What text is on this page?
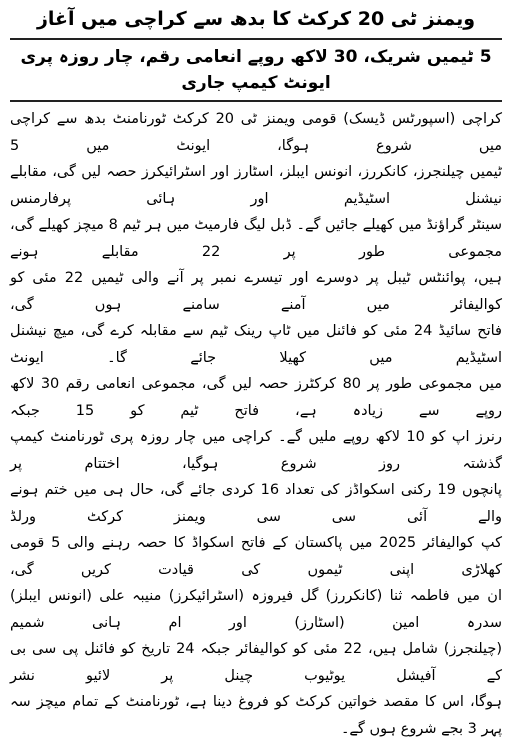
ویمنز ٹی 20 کرکٹ کا بدھ سے کراچی میں آغاز
5 ٹیمیں شریک، 30 لاکھ روپے انعامی رقم، چار روزہ پری ایونٹ کیمپ جاری
کراچی (اسپورٹس ڈیسک) قومی ویمنز ٹی 20 کرکٹ ٹورنامنٹ بدھ سے کراچی میں شروع ہوگا، ایونٹ میں 5
ٹیمیں چیلنجرز، کانکررز، انونس ایبلز، اسٹارز اور اسٹرائیکرز حصہ لیں گی، مقابلے نیشنل اسٹیڈیم اور ہائی پرفارمنس
سینٹر گراؤنڈ میں کھیلے جائیں گے۔ ڈبل لیگ فارمیٹ میں ہر ٹیم 8 میچز کھیلے گی، مجموعی طور پر 22 مقابلے ہونے
ہیں، پوائنٹس ٹیبل پر دوسرے اور تیسرے نمبر پر آنے والی ٹیمیں 22 مئی کو کوالیفائر میں آمنے سامنے ہوں گی،
فاتح سائیڈ 24 مئی کو فائنل میں ٹاپ رینک ٹیم سے مقابلہ کرے گی، میچ نیشنل اسٹیڈیم میں کھیلا جائے گا۔ ایونٹ
میں مجموعی طور پر 80 کرکٹرز حصہ لیں گی، مجموعی انعامی رقم 30 لاکھ روپے سے زیادہ ہے، فاتح ٹیم کو 15 جبکہ
رنرز اپ کو 10 لاکھ روپے ملیں گے۔ کراچی میں چار روزہ پری ٹورنامنٹ کیمپ گذشتہ روز شروع ہوگیا، اختتام پر
پانچوں 19 رکنی اسکواڈز کی تعداد 16 کردی جائے گی، حال ہی میں ختم ہونے والے آئی سی سی ویمنز کرکٹ ورلڈ
کپ کوالیفائر 2025 میں پاکستان کے فاتح اسکواڈ کا حصہ رہنے والی 5 قومی کھلاڑی اپنی ٹیموں کی قیادت کریں گی،
ان میں فاطمہ ثنا (کانکررز) گل فیروزہ (اسٹرائیکرز) منیبہ علی (انونس ایبلز) سدرہ امین (اسٹارز) اور ام ہانی شمیم
(چیلنجرز) شامل ہیں، 22 مئی کو کوالیفائر جبکہ 24 تاریخ کو فائنل پی سی بی کے آفیشل یوٹیوب چینل پر لائیو نشر
ہوگا، اس کا مقصد خواتین کرکٹ کو فروغ دینا ہے، ٹورنامنٹ کے تمام میچز سہ پہر 3 بجے شروع ہوں گے۔
